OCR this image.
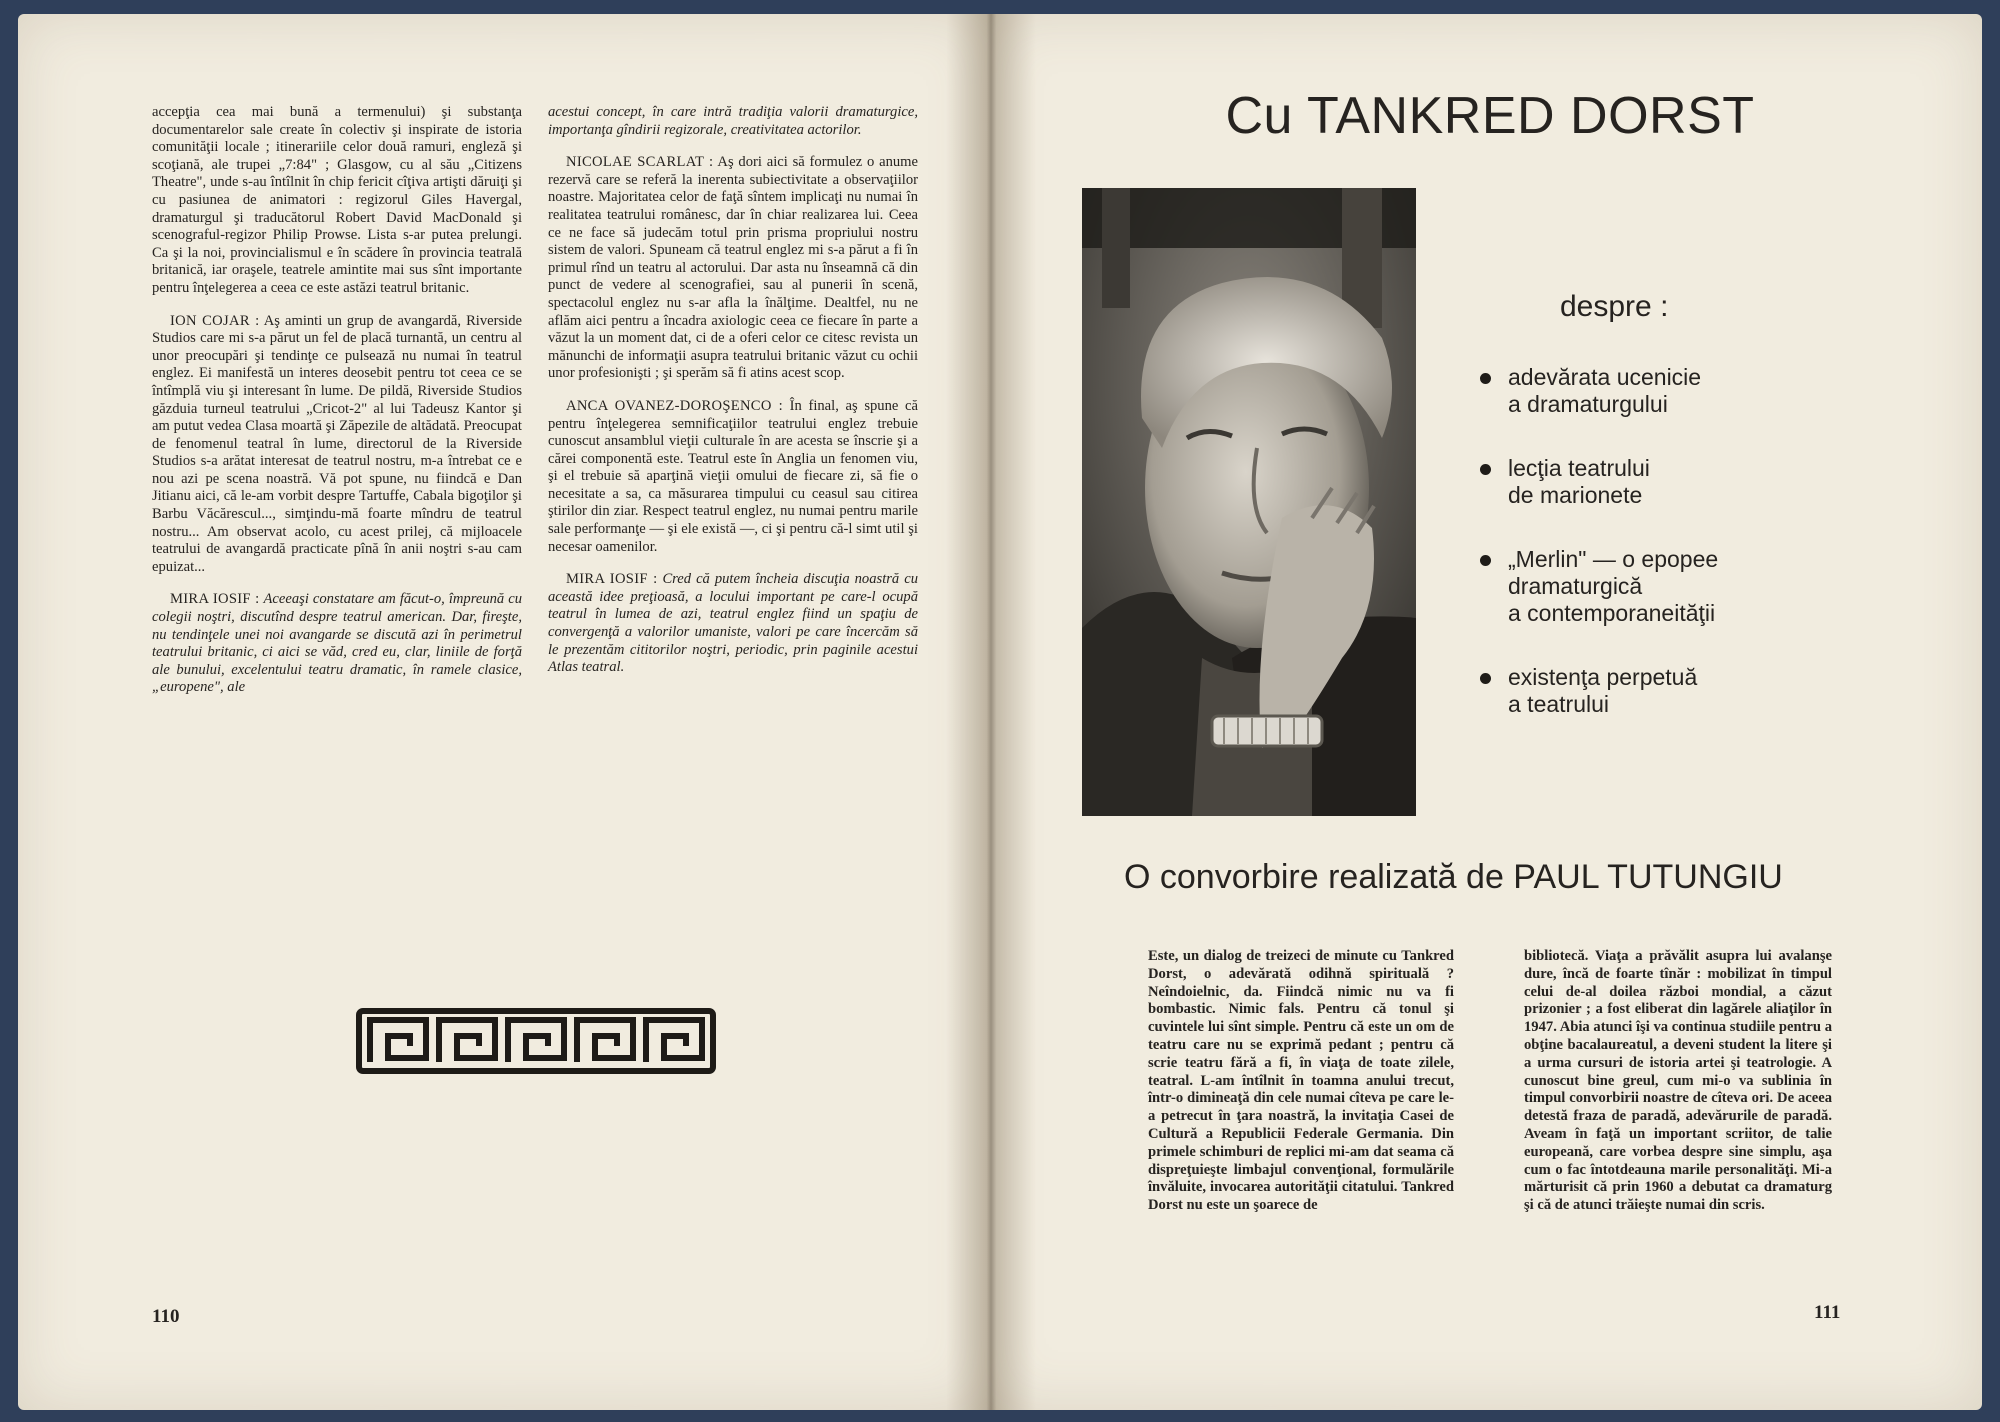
accepţia cea mai bună a termenului) şi substanţa documentarelor sale create în colectiv şi inspirate de istoria comunităţii locale ; itinerariile celor două ramuri, engleză şi scoţiană, ale trupei „7:84" ; Glasgow, cu al său „Citizens Theatre", unde s-au întîlnit în chip fericit cîţiva artişti dăruiţi şi cu pasiunea de animatori : regizorul Giles Havergal, dramaturgul şi traducătorul Robert David MacDonald şi scenograful-regizor Philip Prowse. Lista s-ar putea prelungi. Ca şi la noi, provincialismul e în scădere în provincia teatrală britanică, iar oraşele, teatrele amintite mai sus sînt importante pentru înţelegerea a ceea ce este astăzi teatrul britanic.

ION COJAR : Aş aminti un grup de avangardă, Riverside Studios care mi s-a părut un fel de placă turnantă, un centru al unor preocupări şi tendinţe ce pulsează nu numai în teatrul englez. Ei manifestă un interes deosebit pentru tot ceea ce se întîmplă viu şi interesant în lume. De pildă, Riverside Studios găzduia turneul teatrului „Cricot-2" al lui Tadeusz Kantor şi am putut vedea Clasa moartă şi Zăpezile de altădată. Preocupat de fenomenul teatral în lume, directorul de la Riverside Studios s-a arătat interesat de teatrul nostru, m-a întrebat ce e nou azi pe scena noastră. Vă pot spune, nu fiindcă e Dan Jitianu aici, că le-am vorbit despre Tartuffe, Cabala bigoţilor şi Barbu Văcărescul..., simţindu-mă foarte mîndru de teatrul nostru... Am observat acolo, cu acest prilej, că mijloacele teatrului de avangardă practicate pînă în anii noştri s-au cam epuizat...

MIRA IOSIF : Aceeaşi constatare am făcut-o, împreună cu colegii noştri, discutînd despre teatrul american. Dar, fireşte, nu tendinţele unei noi avangarde se discută azi în perimetrul teatrului britanic, ci aici se văd, cred eu, clar, liniile de forţă ale bunului, excelentului teatru dramatic, în ramele clasice, „europene", ale

acestui concept, în care intră tradiţia valorii dramaturgice, importanţa gîndirii regizorale, creativitatea actorilor.

NICOLAE SCARLAT : Aş dori aici să formulez o anume rezervă care se referă la inerenta subiectivitate a observaţiilor noastre. Majoritatea celor de faţă sîntem implicaţi nu numai în realitatea teatrului românesc, dar în chiar realizarea lui. Ceea ce ne face să judecăm totul prin prisma propriului nostru sistem de valori. Spuneam că teatrul englez mi s-a părut a fi în primul rînd un teatru al actorului. Dar asta nu înseamnă că din punct de vedere al scenografiei, sau al punerii în scenă, spectacolul englez nu s-ar afla la înălţime. Dealtfel, nu ne aflăm aici pentru a încadra axiologic ceea ce fiecare în parte a văzut la un moment dat, ci de a oferi celor ce citesc revista un mănunchi de informaţii asupra teatrului britanic văzut cu ochii unor profesionişti ; şi sperăm să fi atins acest scop.

ANCA OVANEZ-DOROŞENCO : În final, aş spune că pentru înţelegerea semnificaţiilor teatrului englez trebuie cunoscut ansamblul vieţii culturale în are acesta se înscrie şi a cărei componentă este. Teatrul este în Anglia un fenomen viu, şi el trebuie să aparţină vieţii omului de fiecare zi, să fie o necesitate a sa, ca măsurarea timpului cu ceasul sau citirea ştirilor din ziar. Respect teatrul englez, nu numai pentru marile sale performanţe — şi ele există —, ci şi pentru că-l simt util şi necesar oamenilor.

MIRA IOSIF : Cred că putem încheia discuţia noastră cu această idee preţioasă, a locului important pe care-l ocupă teatrul în lumea de azi, teatrul englez fiind un spaţiu de convergenţă a valorilor umaniste, valori pe care încercăm să le prezentăm cititorilor noştri, periodic, prin paginile acestui Atlas teatral.

110
Cu TANKRED DORST
despre :
adevărata ucenicie
a dramaturgului
lecţia teatrului
de marionete
„Merlin" — o epopee
dramaturgică
a contemporaneităţii
existenţa perpetuă
a teatrului
O convorbire realizată de PAUL TUTUNGIU
Este, un dialog de treizeci de minute cu Tankred Dorst, o adevărată odihnă spirituală ? Neîndoielnic, da. Fiindcă nimic nu va fi bombastic. Nimic fals. Pentru că tonul şi cuvintele lui sînt simple. Pentru că este un om de teatru care nu se exprimă pedant ; pentru că scrie teatru fără a fi, în viaţa de toate zilele, teatral. L-am întîlnit în toamna anului trecut, într-o dimineaţă din cele numai cîteva pe care le-a petrecut în ţara noastră, la invitaţia Casei de Cultură a Republicii Federale Germania. Din primele schimburi de replici mi-am dat seama că dispreţuieşte limbajul convenţional, formulările învăluite, invocarea autorităţii citatului. Tankred Dorst nu este un şoarece de
bibliotecă. Viaţa a prăvălit asupra lui avalanşe dure, încă de foarte tînăr : mobilizat în timpul celui de-al doilea război mondial, a căzut prizonier ; a fost eliberat din lagărele aliaţilor în 1947. Abia atunci îşi va continua studiile pentru a obţine bacalaureatul, a deveni student la litere şi a urma cursuri de istoria artei şi teatrologie. A cunoscut bine greul, cum mi-o va sublinia în timpul convorbirii noastre de cîteva ori. De aceea detestă fraza de paradă, adevărurile de paradă. Aveam în faţă un important scriitor, de talie europeană, care vorbea despre sine simplu, aşa cum o fac întotdeauna marile personalităţi. Mi-a mărturisit că prin 1960 a debutat ca dramaturg şi că de atunci trăieşte numai din scris.
111
